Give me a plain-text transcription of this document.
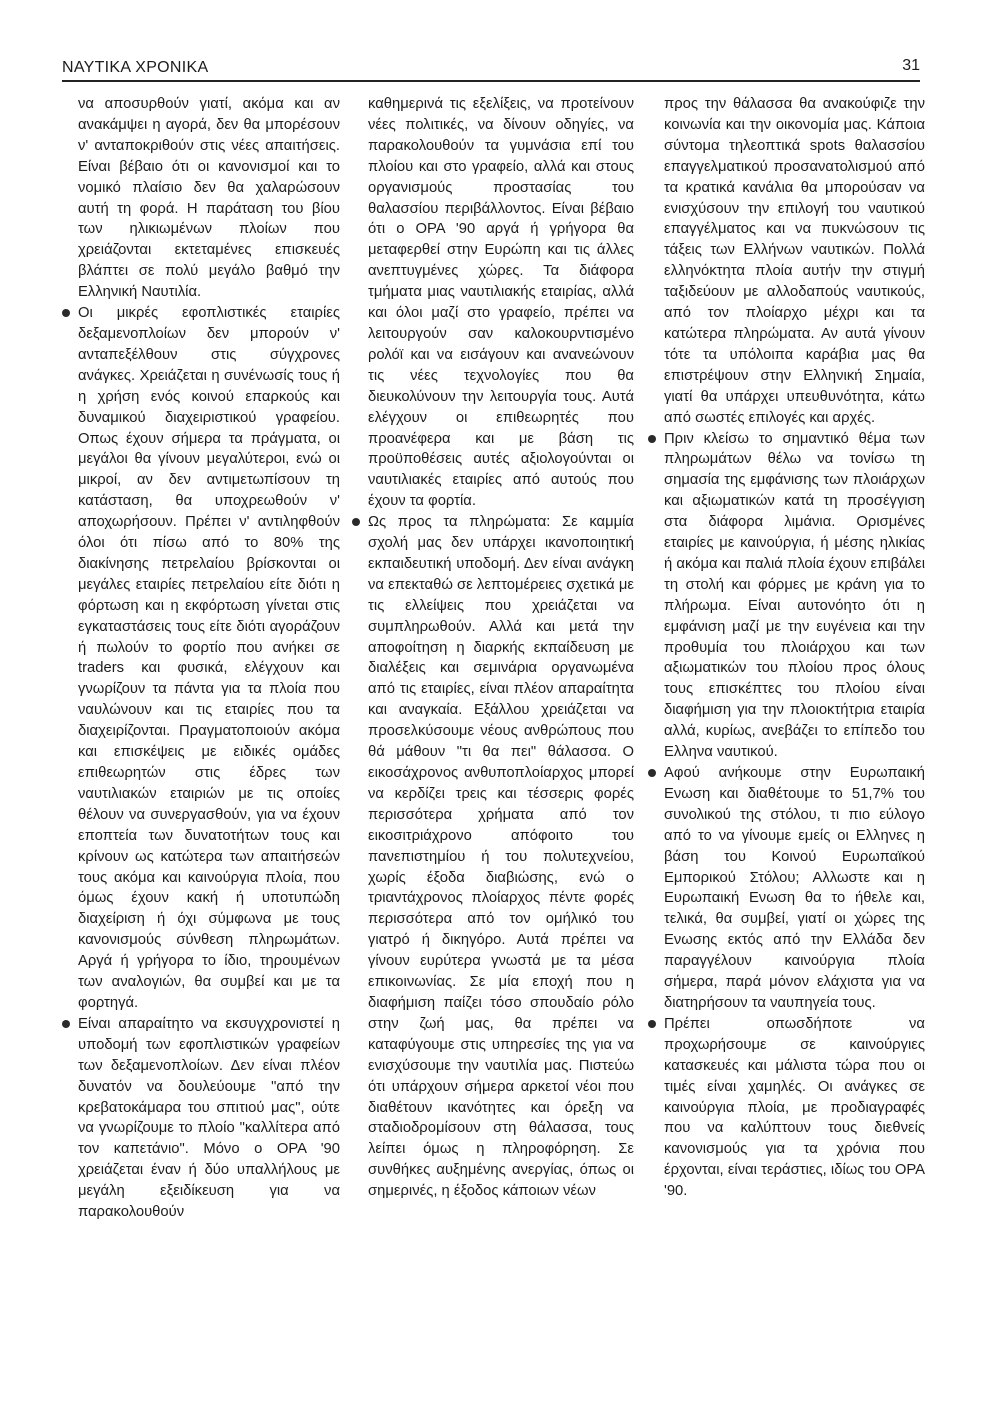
ΝΑΥΤΙΚΑ ΧΡΟΝΙΚΑ	31

να αποσυρθούν γιατί, ακόμα και αν ανακάμψει η αγορά, δεν θα μπορέσουν ν' ανταποκριθούν στις νέες απαιτήσεις. Είναι βέβαιο ότι οι κανονισμοί και το νομικό πλαίσιο δεν θα χαλαρώσουν αυτή τη φορά. Η παράταση του βίου των ηλικιωμένων πλοίων που χρειάζονται εκτεταμένες επισκευές βλάπτει σε πολύ μεγάλο βαθμό την Ελληνική Ναυτιλία.

Οι μικρές εφοπλιστικές εταιρίες δεξαμενοπλοίων δεν μπορούν ν' ανταπεξέλθουν στις σύγχρονες ανάγκες. Χρειάζεται η συνένωσίς τους ή η χρήση ενός κοινού επαρκούς και δυναμικού διαχειριστικού γραφείου. Οπως έχουν σήμερα τα πράγματα, οι μεγάλοι θα γίνουν μεγαλύτεροι, ενώ οι μικροί, αν δεν αντιμετωπίσουν τη κατάσταση, θα υποχρεωθούν ν' αποχωρήσουν. Πρέπει ν' αντιληφθούν όλοι ότι πίσω από το 80% της διακίνησης πετρελαίου βρίσκονται οι μεγάλες εταιρίες πετρελαίου είτε διότι η φόρτωση και η εκφόρτωση γίνεται στις εγκαταστάσεις τους είτε διότι αγοράζουν ή πωλούν το φορτίο που ανήκει σε traders και φυσικά, ελέγχουν και γνωρίζουν τα πάντα για τα πλοία που ναυλώνουν και τις εταιρίες που τα διαχειρίζονται. Πραγματοποιούν ακόμα και επισκέψεις με ειδικές ομάδες επιθεωρητών στις έδρες των ναυτιλιακών εταιριών με τις οποίες θέλουν να συνεργασθούν, για να έχουν εποπτεία των δυνατοτήτων τους και κρίνουν ως κατώτερα των απαιτήσεών τους ακόμα και καινούργια πλοία, που όμως έχουν κακή ή υποτυπώδη διαχείριση ή όχι σύμφωνα με τους κανονισμούς σύνθεση πληρωμάτων. Αργά ή γρήγορα το ίδιο, τηρουμένων των αναλογιών, θα συμβεί και με τα φορτηγά.

Είναι απαραίτητο να εκσυγχρονιστεί η υποδομή των εφοπλιστικών γραφείων των δεξαμενοπλοίων. Δεν είναι πλέον δυνατόν να δουλεύουμε "από την κρεβατοκάμαρα του σπιτιού μας", ούτε να γνωρίζουμε το πλοίο "καλλίτερα από τον καπετάνιο". Μόνο ο ΟΡΑ '90 χρειάζεται έναν ή δύο υπαλλήλους με μεγάλη εξειδίκευση για να παρακολουθούν

καθημερινά τις εξελίξεις, να προτείνουν νέες πολιτικές, να δίνουν οδηγίες, να παρακολουθούν τα γυμνάσια επί του πλοίου και στο γραφείο, αλλά και στους οργανισμούς προστασίας του θαλασσίου περιβάλλοντος. Είναι βέβαιο ότι ο ΟΡΑ '90 αργά ή γρήγορα θα μεταφερθεί στην Ευρώπη και τις άλλες ανεπτυγμένες χώρες. Τα διάφορα τμήματα μιας ναυτιλιακής εταιρίας, αλλά και όλοι μαζί στο γραφείο, πρέπει να λειτουργούν σαν καλοκουρντισμένο ρολόϊ και να εισάγουν και ανανεώνουν τις νέες τεχνολογίες που θα διευκολύνουν την λειτουργία τους. Αυτά ελέγχουν οι επιθεωρητές που προανέφερα και με βάση τις προϋποθέσεις αυτές αξιολογούνται οι ναυτιλιακές εταιρίες από αυτούς που έχουν τα φορτία.

Ως προς τα πληρώματα: Σε καμμία σχολή μας δεν υπάρχει ικανοποιητική εκπαιδευτική υποδομή. Δεν είναι ανάγκη να επεκταθώ σε λεπτομέρειες σχετικά με τις ελλείψεις που χρειάζεται να συμπληρωθούν. Αλλά και μετά την αποφοίτηση η διαρκής εκπαίδευση με διαλέξεις και σεμινάρια οργανωμένα από τις εταιρίες, είναι πλέον απαραίτητα και αναγκαία. Εξάλλου χρειάζεται να προσελκύσουμε νέους ανθρώπους που θά μάθουν "τι θα πει" θάλασσα. Ο εικοσάχρονος ανθυποπλοίαρχος μπορεί να κερδίζει τρεις και τέσσερις φορές περισσότερα χρήματα από τον εικοσιτριάχρονο απόφοιτο του πανεπιστημίου ή του πολυτεχνείου, χωρίς έξοδα διαβιώσης, ενώ ο τριαντάχρονος πλοίαρχος πέντε φορές περισσότερα από τον ομήλικό του γιατρό ή δικηγόρο. Αυτά πρέπει να γίνουν ευρύτερα γνωστά με τα μέσα επικοινωνίας. Σε μία εποχή που η διαφήμιση παίζει τόσο σπουδαίο ρόλο στην ζωή μας, θα πρέπει να καταφύγουμε στις υπηρεσίες της για να ενισχύσουμε την ναυτιλία μας. Πιστεύω ότι υπάρχουν σήμερα αρκετοί νέοι που διαθέτουν ικανότητες και όρεξη να σταδιοδρομίσουν στη θάλασσα, τους λείπει όμως η πληροφόρηση. Σε συνθήκες αυξημένης ανεργίας, όπως οι σημερινές, η έξοδος κάποιων νέων

προς την θάλασσα θα ανακούφιζε την κοινωνία και την οικονομία μας. Κάποια σύντομα τηλεοπτικά spots θαλασσίου επαγγελματικού προσανατολισμού από τα κρατικά κανάλια θα μπορούσαν να ενισχύσουν την επιλογή του ναυτικού επαγγέλματος και να πυκνώσουν τις τάξεις των Ελλήνων ναυτικών. Πολλά ελληνόκτητα πλοία αυτήν την στιγμή ταξιδεύουν με αλλοδαπούς ναυτικούς, από τον πλοίαρχο μέχρι και τα κατώτερα πληρώματα. Αν αυτά γίνουν τότε τα υπόλοιπα καράβια μας θα επιστρέψουν στην Ελληνική Σημαία, γιατί θα υπάρχει υπευθυνότητα, κάτω από σωστές επιλογές και αρχές.

Πριν κλείσω το σημαντικό θέμα των πληρωμάτων θέλω να τονίσω τη σημασία της εμφάνισης των πλοιάρχων και αξιωματικών κατά τη προσέγγιση στα διάφορα λιμάνια. Ορισμένες εταιρίες με καινούργια, ή μέσης ηλικίας ή ακόμα και παλιά πλοία έχουν επιβάλει τη στολή και φόρμες με κράνη για το πλήρωμα. Είναι αυτονόητο ότι η εμφάνιση μαζί με την ευγένεια και την προθυμία του πλοιάρχου και των αξιωματικών του πλοίου προς όλους τους επισκέπτες του πλοίου είναι διαφήμιση για την πλοιοκτήτρια εταιρία αλλά, κυρίως, ανεβάζει το επίπεδο του Ελληνα ναυτικού.

Αφού ανήκουμε στην Ευρωπαική Ενωση και διαθέτουμε το 51,7% του συνολικού της στόλου, τι πιο εύλογο από το να γίνουμε εμείς οι Ελληνες η βάση του Κοινού Ευρωπαϊκού Εμπορικού Στόλου; Αλλωστε και η Ευρωπαική Ενωση θα το ήθελε και, τελικά, θα συμβεί, γιατί οι χώρες της Ενωσης εκτός από την Ελλάδα δεν παραγγέλουν καινούργια πλοία σήμερα, παρά μόνον ελάχιστα για να διατηρήσουν τα ναυπηγεία τους.

Πρέπει οπωσδήποτε να προχωρήσουμε σε καινούργιες κατασκευές και μάλιστα τώρα που οι τιμές είναι χαμηλές. Οι ανάγκες σε καινούργια πλοία, με προδιαγραφές που να καλύπτουν τους διεθνείς κανονισμούς για τα χρόνια που έρχονται, είναι τεράστιες, ιδίως του ΟΡΑ '90.
